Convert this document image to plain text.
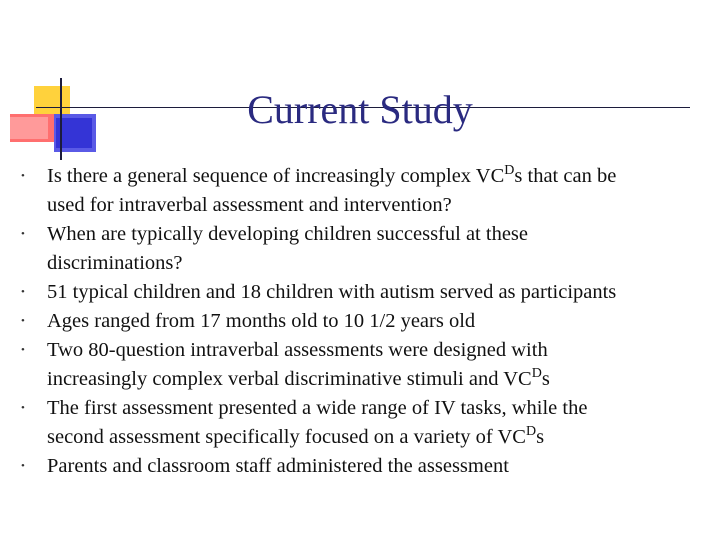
Current Study
• Is there a general sequence of increasingly complex $VC^Ds$ that can be
used for intraverbal assessment and intervention?
• When are typically developing children successful at these
discriminations?
• 51 typical children and 18 children with autism served as participants
• Ages ranged from 17 months old to 10 1/2 years old
• Two 80-question intraverbal assessments were designed with
increasingly complex verbal discriminative stimuli and $VC^Ds$
• The first assessment presented a wide range of IV tasks, while the
second assessment specifically focused on a variety of $VC^Ds$
• Parents and classroom staff administered the assessment
